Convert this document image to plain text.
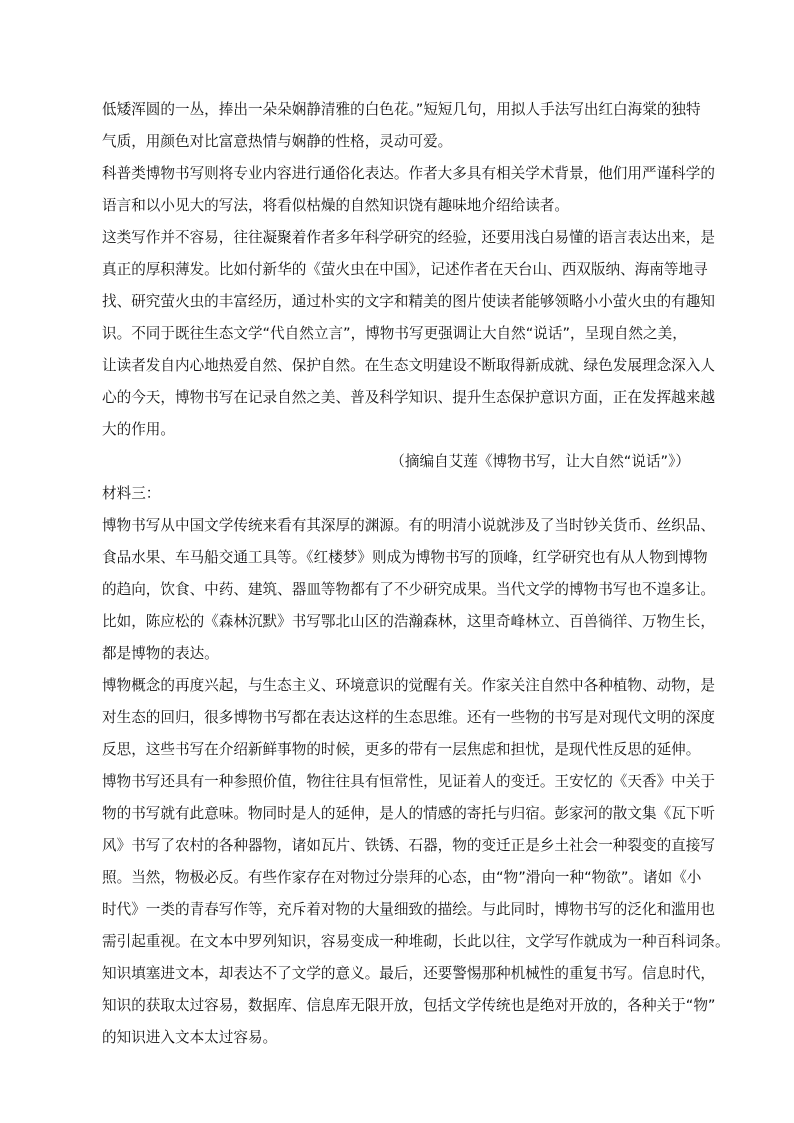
低矮浑圆的一丛，捧出一朵朵娴静清雅的白色花。”短短几句，用拟人手法写出红白海棠的独特
气质，用颜色对比富意热情与娴静的性格，灵动可爱。
科普类博物书写则将专业内容进行通俗化表达。作者大多具有相关学术背景，他们用严谨科学的
语言和以小见大的写法，将看似枯燥的自然知识饶有趣味地介绍给读者。
这类写作并不容易，往往凝聚着作者多年科学研究的经验，还要用浅白易懂的语言表达出来，是
真正的厚积薄发。比如付新华的《萤火虫在中国》，记述作者在天台山、西双版纳、海南等地寻
找、研究萤火虫的丰富经历，通过朴实的文字和精美的图片使读者能够领略小小萤火虫的有趣知
识。不同于既往生态文学“代自然立言”，博物书写更强调让大自然“说话”，呈现自然之美，
让读者发自内心地热爱自然、保护自然。在生态文明建设不断取得新成就、绿色发展理念深入人
心的今天，博物书写在记录自然之美、普及科学知识、提升生态保护意识方面，正在发挥越来越
大的作用。
（摘编自艾莲《博物书写，让大自然“说话”》）
材料三：
博物书写从中国文学传统来看有其深厚的渊源。有的明清小说就涉及了当时钞关货币、丝织品、
食品水果、车马船交通工具等。《红楼梦》则成为博物书写的顶峰，红学研究也有从人物到博物
的趋向，饮食、中药、建筑、器皿等物都有了不少研究成果。当代文学的博物书写也不遑多让。
比如，陈应松的《森林沉默》书写鄂北山区的浩瀚森林，这里奇峰林立、百兽徜徉、万物生长，
都是博物的表达。
博物概念的再度兴起，与生态主义、环境意识的觉醒有关。作家关注自然中各种植物、动物，是
对生态的回归，很多博物书写都在表达这样的生态思维。还有一些物的书写是对现代文明的深度
反思，这些书写在介绍新鲜事物的时候，更多的带有一层焦虑和担忧，是现代性反思的延伸。
博物书写还具有一种参照价值，物往往具有恒常性，见证着人的变迁。王安忆的《天香》中关于
物的书写就有此意味。物同时是人的延伸，是人的情感的寄托与归宿。彭家河的散文集《瓦下听
风》书写了农村的各种器物，诸如瓦片、铁锈、石器，物的变迁正是乡土社会一种裂变的直接写
照。当然，物极必反。有些作家存在对物过分崇拜的心态，由“物”滑向一种“物欲”。诸如《小
时代》一类的青春写作等，充斥着对物的大量细致的描绘。与此同时，博物书写的泛化和滥用也
需引起重视。在文本中罗列知识，容易变成一种堆砌，长此以往，文学写作就成为一种百科词条。
知识填塞进文本，却表达不了文学的意义。最后，还要警惕那种机械性的重复书写。信息时代，
知识的获取太过容易，数据库、信息库无限开放，包括文学传统也是绝对开放的，各种关于“物”
的知识进入文本太过容易。
